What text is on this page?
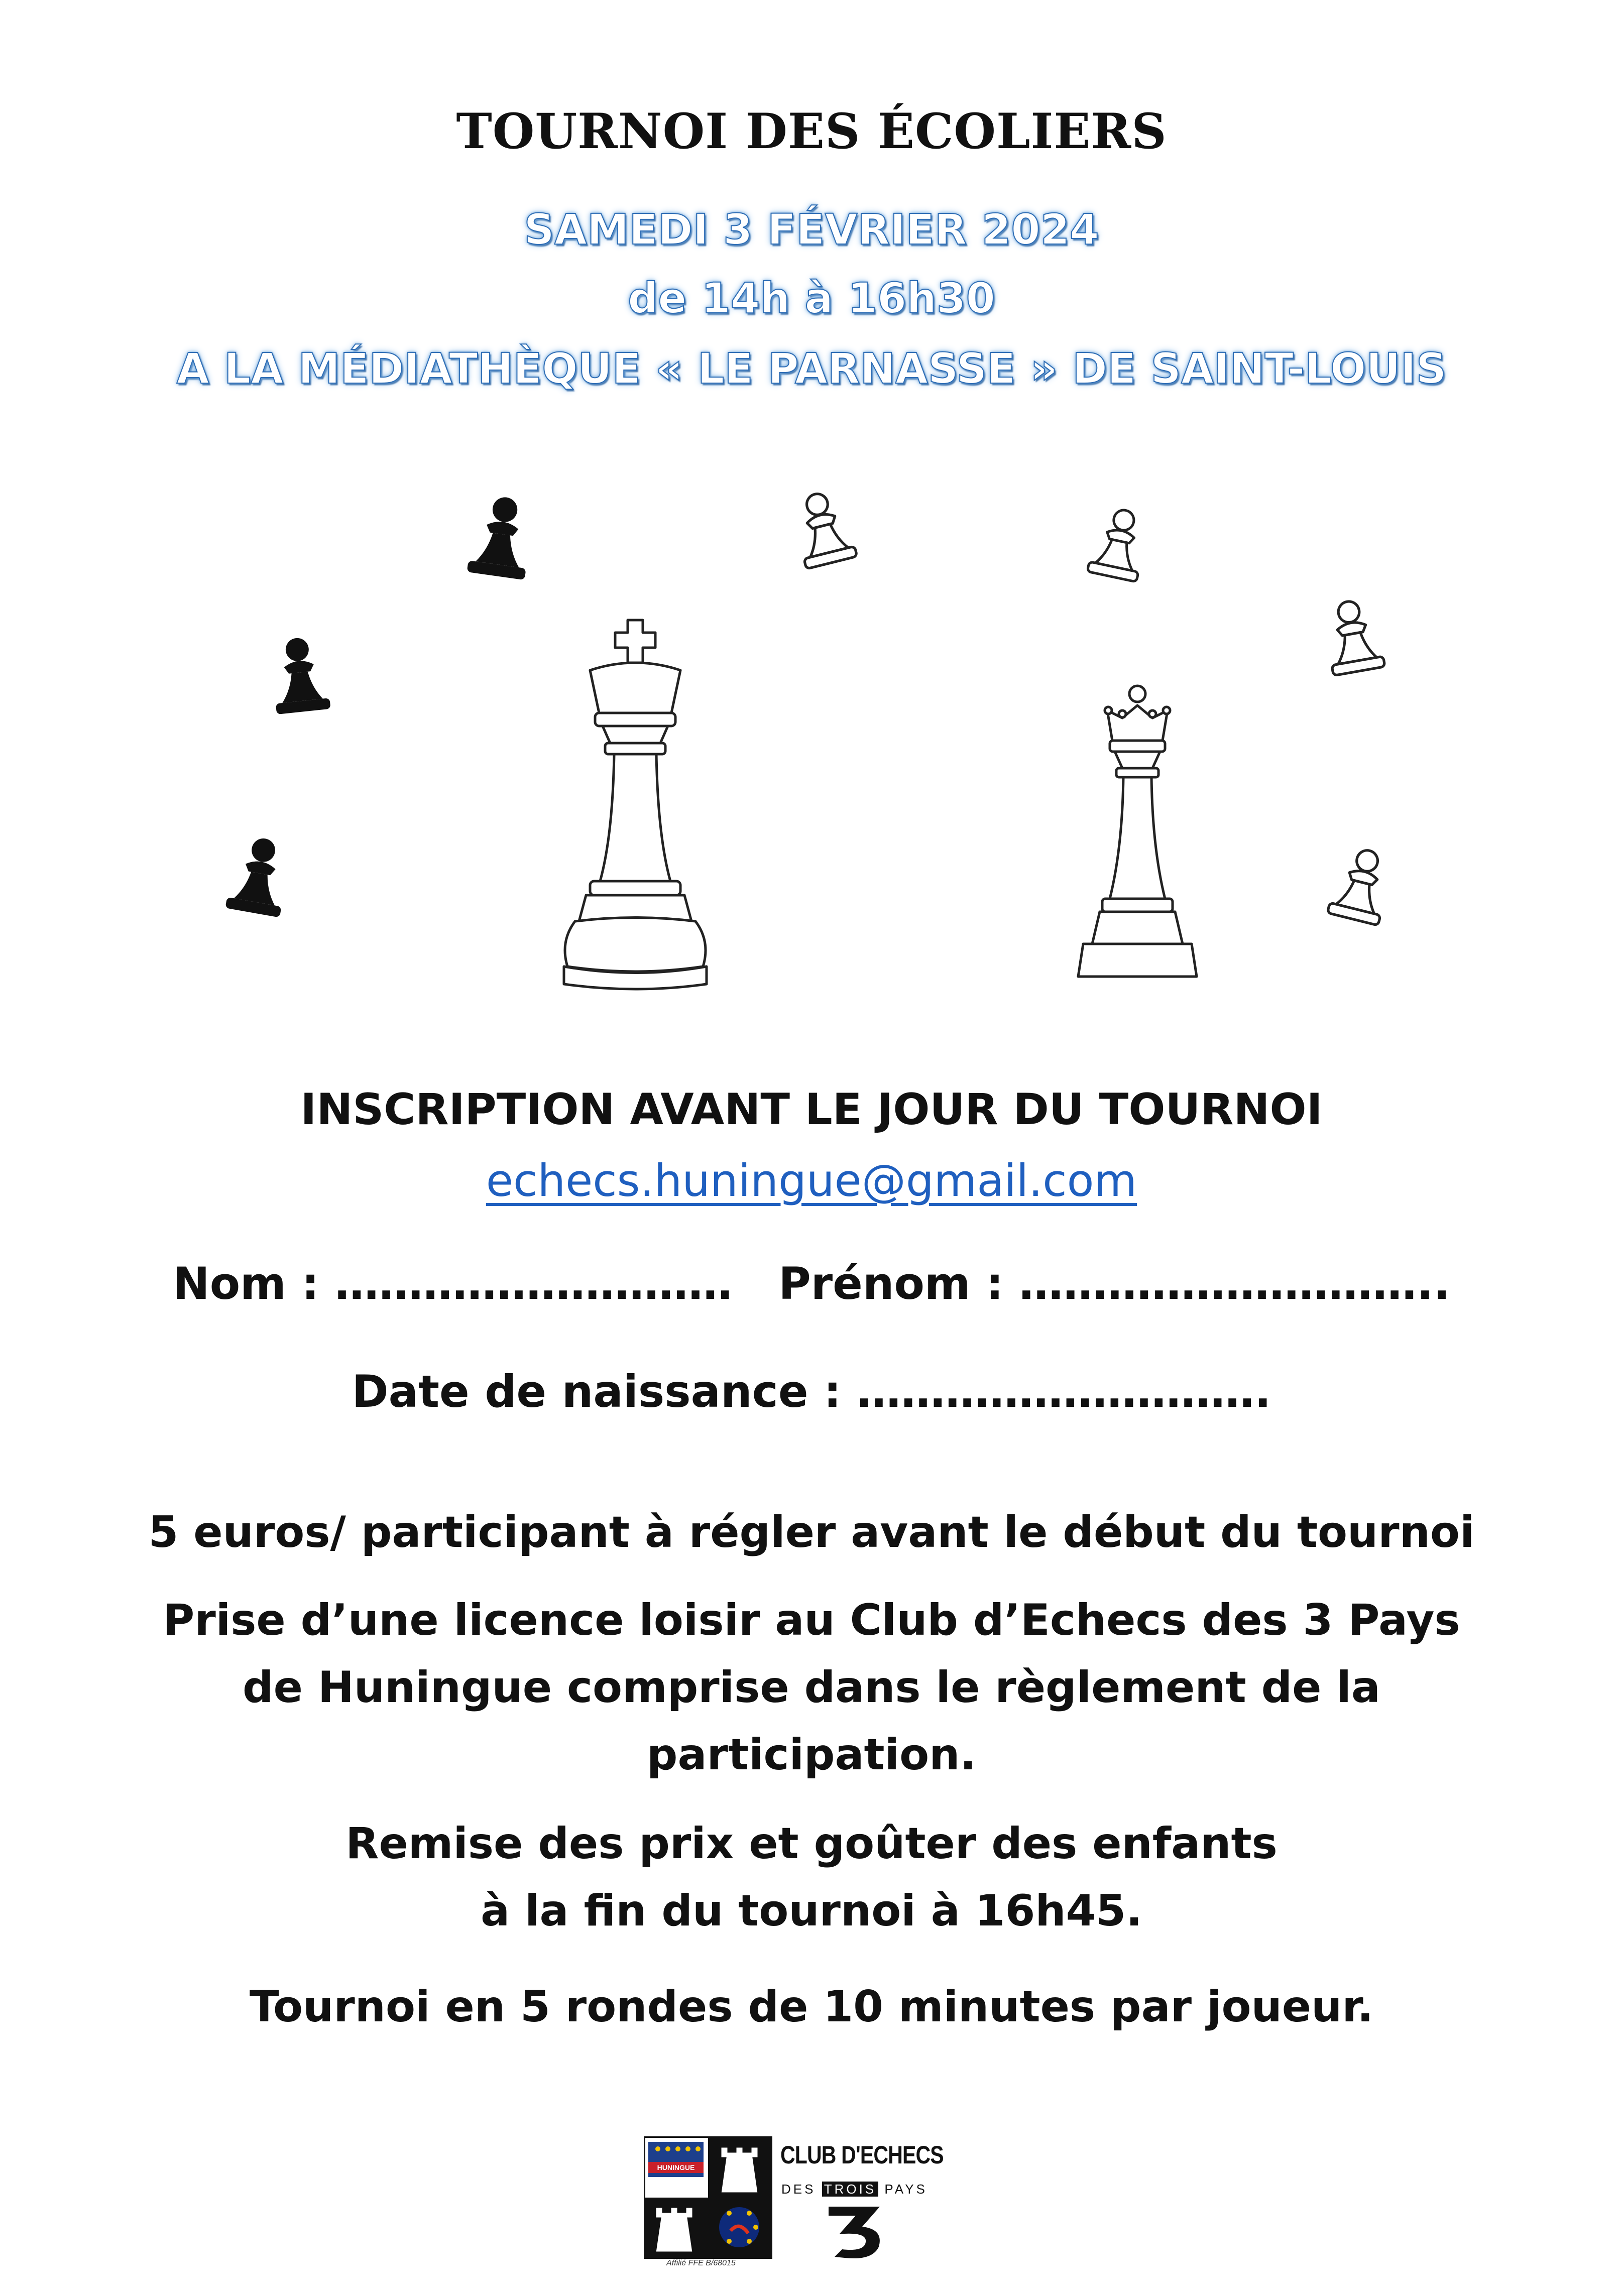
TOURNOI DES ÉCOLIERS
SAMEDI 3 FÉVRIER 2024
de 14h à 16h30
A LA MÉDIATHÈQUE « LE PARNASSE » DE SAINT-LOUIS
INSCRIPTION AVANT LE JOUR DU TOURNOI
echecs.huningue@gmail.com
Nom : ……………………… Prénom : ………………………..
Date de naissance : ……………………….
5 euros/ participant à régler avant le début du tournoi
Prise d’une licence loisir au Club d’Echecs des 3 Pays
de Huningue comprise dans le règlement de la
participation.
Remise des prix et goûter des enfants
à la fin du tournoi à 16h45.
Tournoi en 5 rondes de 10 minutes par joueur.
HUNINGUE	CLUB D'ECHECS
DES TROIS PAYS
Affilié FFE B/68015
